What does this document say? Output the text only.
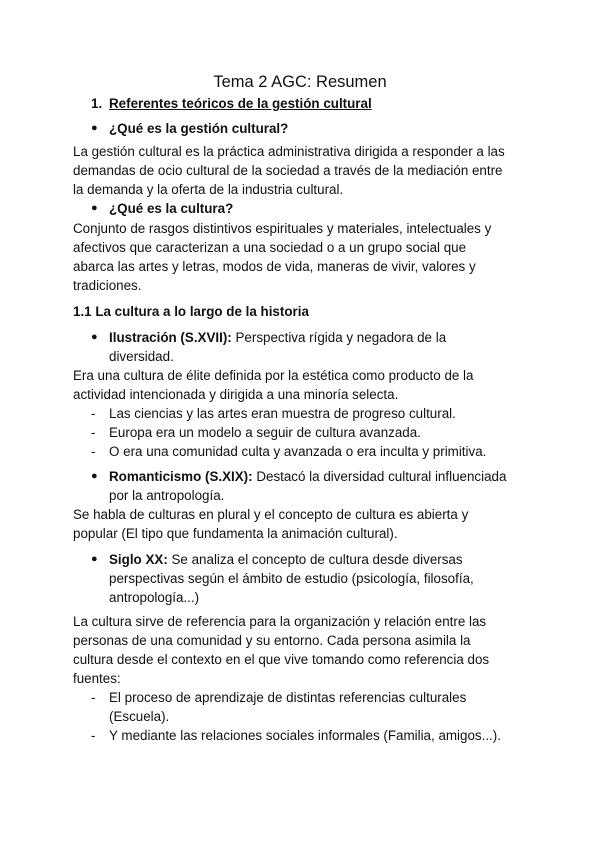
Tema 2 AGC: Resumen
1. Referentes teóricos de la gestión cultural
● ¿Qué es la gestión cultural?
La gestión cultural es la práctica administrativa dirigida a responder a las
demandas de ocio cultural de la sociedad a través de la mediación entre
la demanda y la oferta de la industria cultural.
● ¿Qué es la cultura?
Conjunto de rasgos distintivos espirituales y materiales, intelectuales y
afectivos que caracterizan a una sociedad o a un grupo social que
abarca las artes y letras, modos de vida, maneras de vivir, valores y
tradiciones.
1.1 La cultura a lo largo de la historia
● Ilustración (S.XVII): Perspectiva rígida y negadora de la
diversidad.
Era una cultura de élite definida por la estética como producto de la
actividad intencionada y dirigida a una minoría selecta.
- Las ciencias y las artes eran muestra de progreso cultural.
- Europa era un modelo a seguir de cultura avanzada.
- O era una comunidad culta y avanzada o era inculta y primitiva.
● Romanticismo (S.XIX): Destacó la diversidad cultural influenciada
por la antropología.
Se habla de culturas en plural y el concepto de cultura es abierta y
popular (El tipo que fundamenta la animación cultural).
● Siglo XX: Se analiza el concepto de cultura desde diversas
perspectivas según el ámbito de estudio (psicología, filosofía,
antropología...)
La cultura sirve de referencia para la organización y relación entre las
personas de una comunidad y su entorno. Cada persona asimila la
cultura desde el contexto en el que vive tomando como referencia dos
fuentes:
- El proceso de aprendizaje de distintas referencias culturales
(Escuela).
- Y mediante las relaciones sociales informales (Familia, amigos...).
